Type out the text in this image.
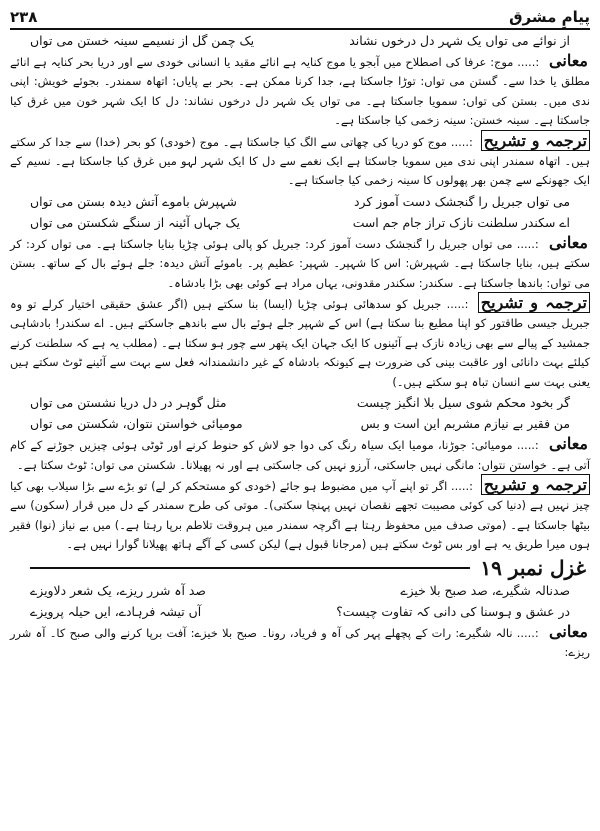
پیامِ مشرق
۲۳۸
از نوائے می تواں یک شہر دل درخوں نشاند
یک چمن گل از نسیمے سینہ خستن می تواں
معانی :..... موج: عرفا کی اصطلاح میں آبجو یا موج کنایہ ہے انائے مقید یا انسانی خودی سے اور دریا بحر کنایہ ہے انائے مطلق یا خدا سے۔ گستن می تواں: توڑا جاسکتا ہے، جدا کرنا ممکن ہے۔ بحر بے پایاں: اتھاہ سمندر۔ بجوئے خویش: اپنی ندی میں۔ بستن کی تواں: سمویا جاسکتا ہے۔ می تواں یک شہر دل درخوں نشاند: دل کا ایک شہر خون میں غرق کیا جاسکتا ہے۔ سینہ خستن: سینہ زخمی کیا جاسکتا ہے۔
ترجمہ و تشریح :..... موج کو دریا کی چھاتی سے الگ کیا جاسکتا ہے۔ موج (خودی) کو بحر (خدا) سے جدا کر سکتے ہیں۔ اتھاہ سمندر اپنی ندی میں سمویا جاسکتا ہے ایک نغمے سے دل کا ایک شہر لہو میں غرق کیا جاسکتا ہے۔ نسیم کے ایک جھونکے سے چمن بھر پھولوں کا سینہ زخمی کیا جاسکتا ہے۔
می تواں جبریل را گنجشک دست آموز کرد
شہپرش باموے آتش دیدہ بستن می تواں
اے سکندر سلطنت نازک تراز جام جم است
یک جہاں آئینہ از سنگے شکستن می تواں
معانی :..... می تواں جبریل را گنجشک دست آموز کرد: جبریل کو پالی ہوئی چڑیا بنایا جاسکتا ہے۔ می تواں کرد: کر سکتے ہیں، بنایا جاسکتا ہے۔ شہپرش: اس کا شہپر۔ شہپر: عظیم پر۔ باموئے آتش دیدہ: جلے ہوئے بال کے ساتھ۔ بستن می تواں: باندھا جاسکتا ہے۔ سکندر: سکندر مقدونی، یہاں مراد ہے کوئی بھی بڑا بادشاہ۔
ترجمہ و تشریح :..... جبریل کو سدھائی ہوئی چڑیا (ایسا) بنا سکتے ہیں (اگر عشق حقیقی اختیار کرلے تو وہ جبریل جیسی طاقتور کو اپنا مطیع بنا سکتا ہے) اس کے شہپر جلے ہوئے بال سے باندھے جاسکتے ہیں۔ اے سکندر! بادشاہی جمشید کے پیالے سے بھی زیادہ نازک ہے آئینوں کا ایک جہان ایک پتھر سے چور ہو سکتا ہے۔ (مطلب یہ ہے کہ سلطنت کرنے کیلئے بہت دانائی اور عاقبت بینی کی ضرورت ہے کیونکہ بادشاہ کے غیر دانشمندانہ فعل سے بہت سے آئینے ٹوٹ سکتے ہیں یعنی بہت سے انسان تباہ ہو سکتے ہیں۔)
گر بخود محکم شوی سیل بلا انگیز چیست
مثل گوہر در دل دریا نشستن می تواں
من فقیر بے نیازم مشربم این است و بس
مومیائی خواستن نتوان، شکستن می تواں
معانی :..... مومیائی: جوڑنا، مومیا ایک سیاہ رنگ کی دوا جو لاش کو حنوط کرنے اور ٹوٹی ہوئی چیزیں جوڑنے کے کام آتی ہے۔ خواستن نتواں: مانگی نہیں جاسکتی، آرزو نہیں کی جاسکتی ہے اور نہ پھیلانا۔ شکستن می تواں: ٹوٹ سکتا ہے۔
ترجمہ و تشریح :..... اگر تو اپنے آپ میں مضبوط ہو جائے (خودی کو مستحکم کر لے) تو بڑے سے بڑا سیلاب بھی کیا چیز نہیں ہے (دنیا کی کوئی مصیبت تجھے نقصان نہیں پہنچا سکتی)۔ موتی کی طرح سمندر کے دل میں قرار (سکون) سے بیٹھا جاسکتا ہے۔ (موتی صدف میں محفوظ رہتا ہے اگرچہ سمندر میں ہروقت تلاطم برپا رہتا ہے۔) میں بے نیاز (نوا) فقیر ہوں میرا طریق یہ ہے اور بس ٹوٹ سکتے ہیں (مرجانا قبول ہے) لیکن کسی کے آگے ہاتھ پھیلانا گوارا نہیں ہے۔
غزل نمبر ۱۹
صدنالہ شگیرے، صد صبح بلا خیزے
صد آہ شرر ریزے، یک شعر دلاویزے
در عشق و ہوسنا کی دانی کہ تفاوت چیست؟
آں تیشہ فرہادے، ایں حیلہ پرویزے
معانی :..... نالہ شگیرے: رات کے پچھلے پہر کی آہ و فریاد، رونا۔ صبح بلا خیزے: آفت برپا کرنے والی صبح کا۔ آہ شرر ریزے:
